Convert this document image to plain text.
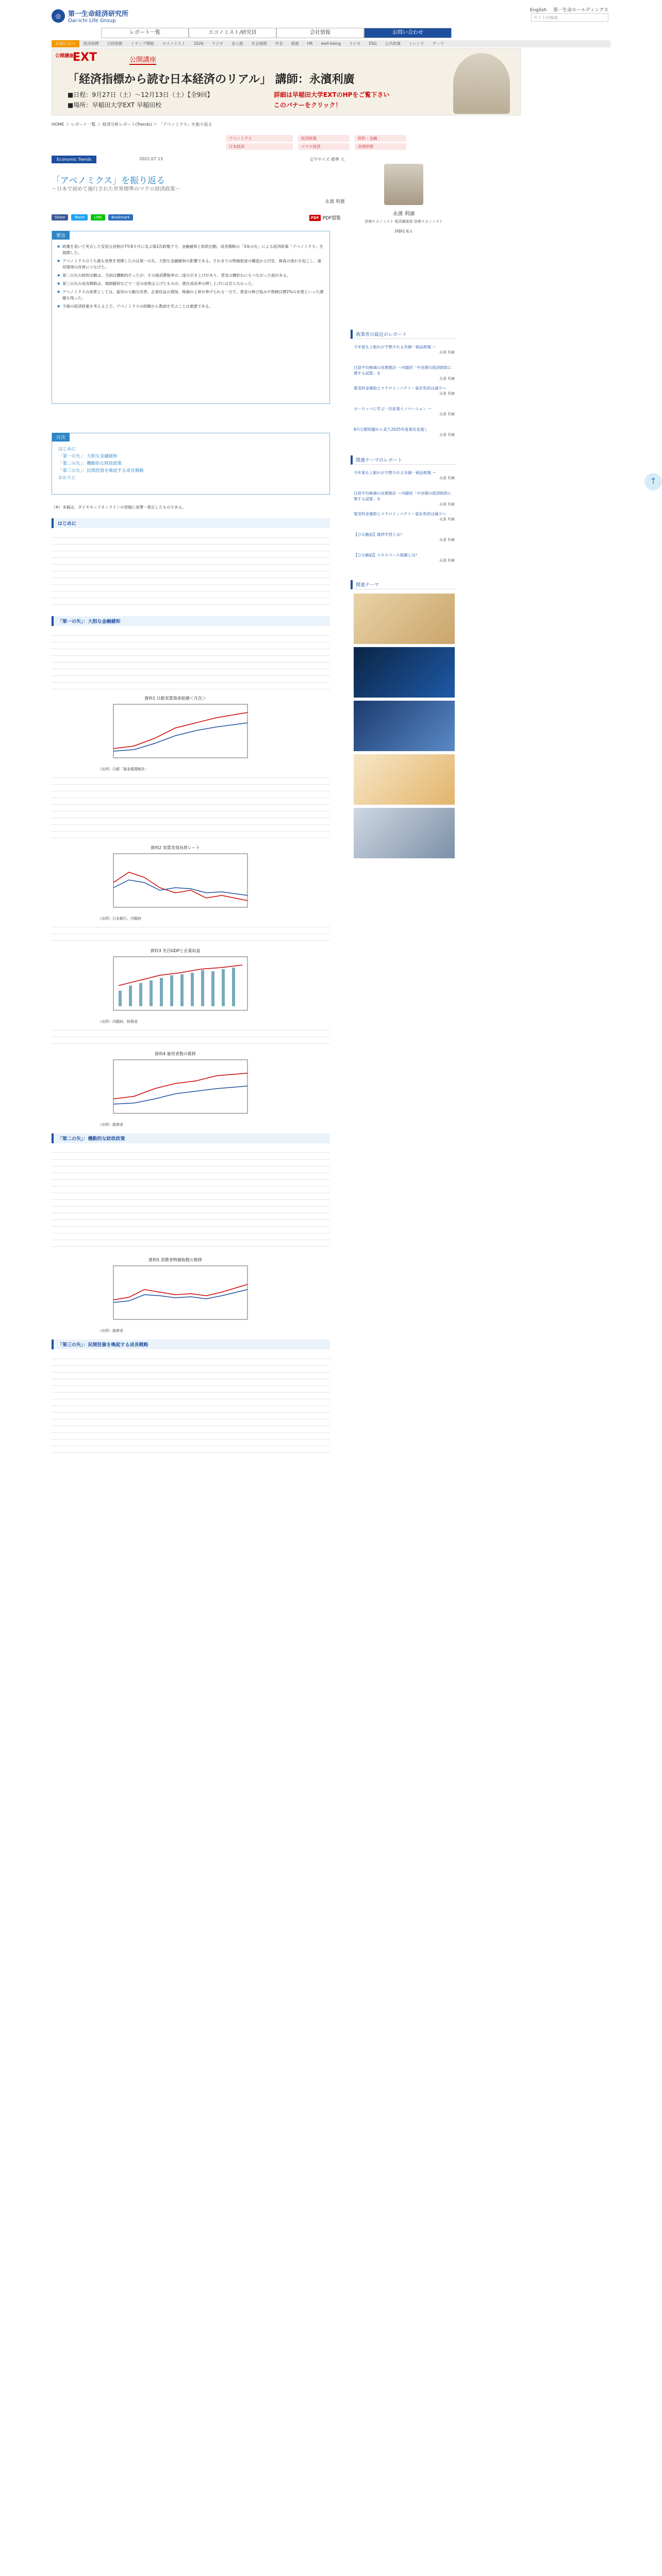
◎	第一生命経済研究所
Dai-ichi Life Group
English 第一生命ホールディングス
サイト内検索
レポート一覧	エコノミスト/研究員	会社情報	お問い合わせ
お役に立つ	経済指標	日経指数	トランプ関税	エコノミスト	2026	ラジオ	法人税	社会保障	年金	税務	HR	well-being	ラジオ	ESG	公共政策	トレンド	テーマ
公開講座
EXT	公開講座
「経済指標から読む日本経済のリアル」 講師：永濱利廣
■日程：9月27日（土）～12月13日（土）【全9回】
■場所：早稲田大学EXT 早稲田校
詳細は早稲田大学EXTのHPをご覧下さい
このバナーをクリック！
HOME ＞ レポート一覧 ＞ 経済分析レポート(Trends) ＞ 「アベノミクス」を振り返る
アベノミクス	経済政策	財政・金融
日本経済	マクロ経済	長期停滞
Economic Trends	2022.07.13	文字サイズ 標準 大
「アベノミクス」を振り返る
～日本で初めて施行された世界標準のマクロ経済政策～
永濱 利廣
Share	Tweet	LINE	Bookmark	PDF PDF閲覧
要旨
● 政権を退いて死去した安倍元首相が7年8カ月に及ぶ第2次政権下で、金融緩和と財政出動、成長戦略の「3本の矢」による経済政策「アベノミクス」を展開した。
● アベノミクスのうち最も効果を発揮したのは第一の矢、大胆な金融緩和の影響である。それまでの物価低迷の構造から円安、株高の流れを起こし、雇用環境の改善につなげた。
● 第二の矢の財政出動は、当初は機動的だったが、その後消費税率の二度の引き上げがあり、景気の腰折れにもつながった面がある。
● 第三の矢の成長戦略は、規制緩和などで一定の成果は上げたものの、潜在成長率の押し上げには至らなかった。
● アベノミクスの成果としては、雇用の大幅な改善、企業収益の増加、株価の上昇が挙げられる一方で、賃金の伸び悩みや物価目標2%の未達といった課題も残った。
● 今後の経済政策を考える上で、アベノミクスの経験から教訓を学ぶことは重要である。
目次

はじめに

「第一の矢」：大胆な金融緩和

「第二の矢」：機動的な財政政策

「第三の矢」：民間投資を喚起する成長戦略

おわりに

（※）本稿は、ダイヤモンドオンラインの寄稿に加筆・修正したものである。
はじめに
「第一の矢」：大胆な金融緩和
資料1 日銀実質資産総額＜月次＞
（出所）日銀「資金循環統計」
資料2 実質実効為替レート
（出所）日本銀行、内閣府
資料3 名目GDPと企業収益
（出所）内閣府、財務省
資料4 雇用者数の推移
（出所）総務省
「第二の矢」：機動的な財政政策
資料5 消費者物価指数の推移
（出所）総務省
「第三の矢」：民間投資を喚起する成長戦略
永濱 利廣
首席エコノミスト 経済調査部 首席エコノミスト
詳細を見る
執筆者の最近のレポート
今年度も上振れが予想される有価一商品相場 ～
永濱 利廣
日経平均株価の長期推計 ～内閣府「中長期の経済財政に関する試算」を
永濱 利廣
電気料金補助とマクロインパクト～家計負担は減少へ
永濱 利廣
ヨーロッパに学ぶ一次産業イノベーション ～
永濱 利廣
6月日銀短観から見た2025年度業況見通し
永濱 利廣
関連テーマのレポート
今年度も上振れが予想される有価一商品相場 ～
永濱 利廣
日経平均株価の長期推計 ～内閣府「中長期の経済財政に関する試算」を
永濱 利廣
電気料金補助とマクロインパクト～家計負担は減少へ
永濱 利廣
【ひな触話】最終学習とは？
永濱 利廣
【ひな触話】スキルベース組織とは？
永濱 利廣
関連テーマ
↑
